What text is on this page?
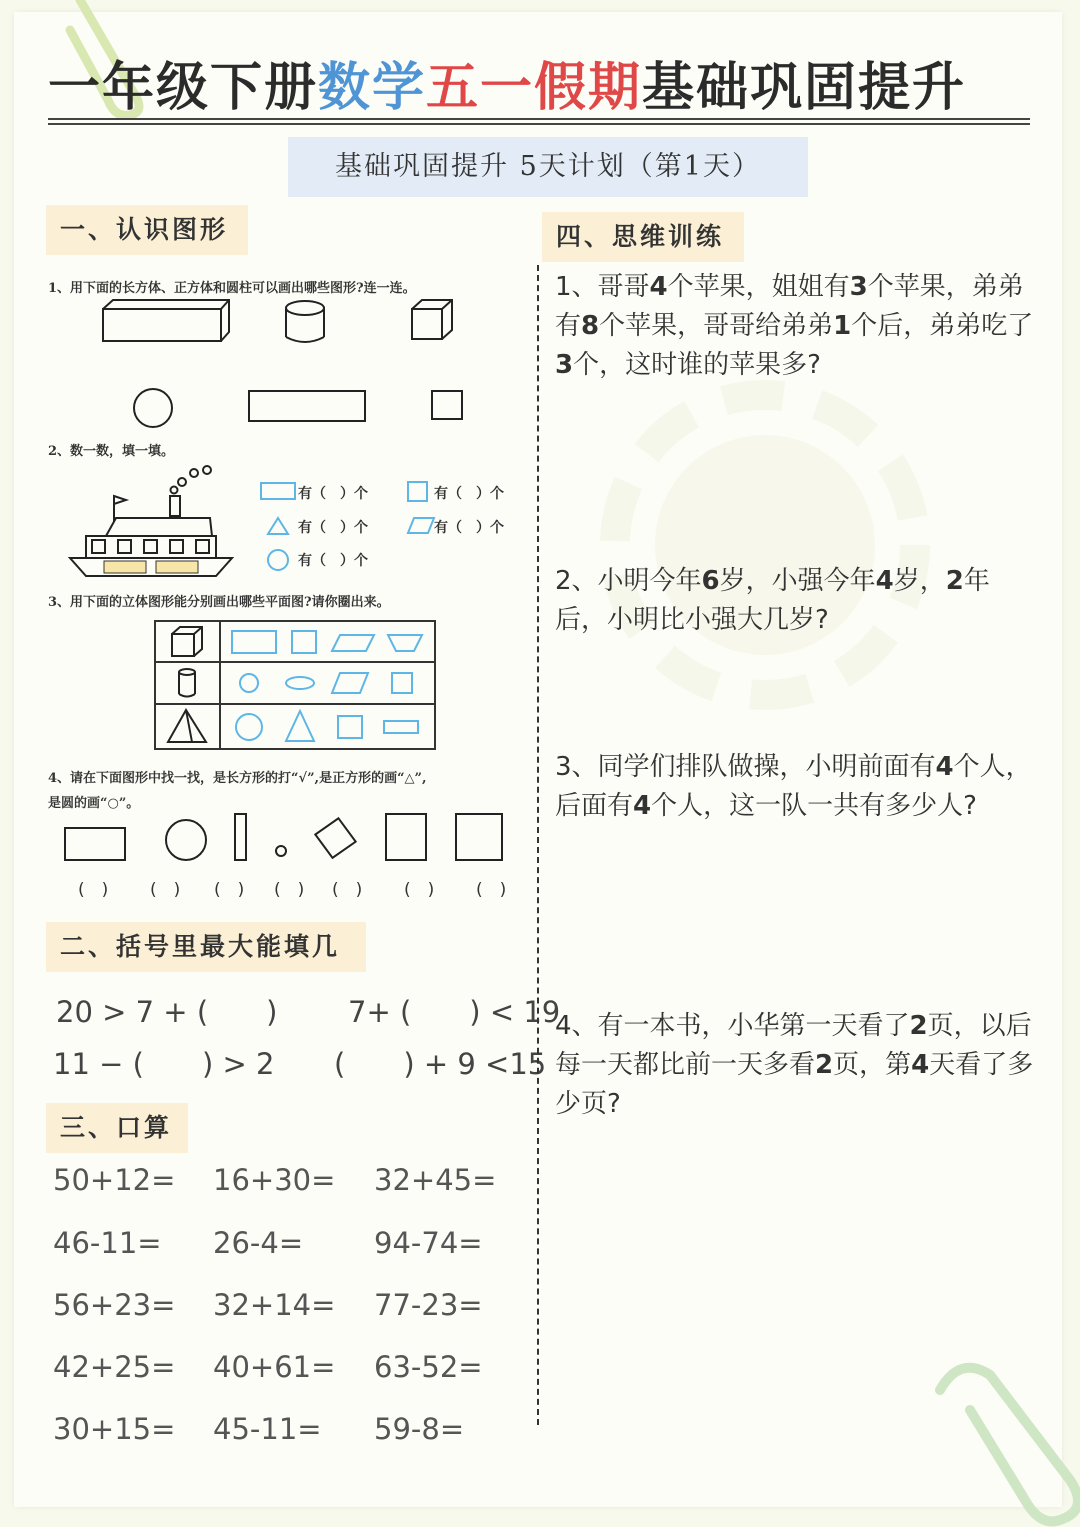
一年级下册数学五一假期基础巩固提升
基础巩固提升 5天计划（第1天）
一、认识图形
1、用下面的长方体、正方体和圆柱可以画出哪些图形?连一连。
2、数一数，填一填。
有（　）个
有（　）个
有（　）个
有（　）个
有（　）个
3、用下面的立体图形能分别画出哪些平面图?请你圈出来。
4、请在下面图形中找一找，是长方形的打“√”,是正方形的画“△”,
是圆的画“○”。
(　) (　) (　) (　) (　) (　) (　)
二、括号里最大能填几
20 > 7 + (　　) 7+ (　　) < 19
11 − (　　) > 2 (　　) + 9 <15
三、口算
50+12= 16+30= 32+45=
46-11= 26-4= 94-74=
56+23= 32+14= 77-23=
42+25= 40+61= 63-52=
30+15= 45-11= 59-8=
四、思维训练
1、哥哥4个苹果，姐姐有3个苹果，弟弟有8个苹果，哥哥给弟弟1个后，弟弟吃了3个，这时谁的苹果多?
2、小明今年6岁，小强今年4岁，2年后，小明比小强大几岁?
3、同学们排队做操，小明前面有4个人，后面有4个人，这一队一共有多少人?
4、有一本书，小华第一天看了2页，以后每一天都比前一天多看2页，第4天看了多少页?
